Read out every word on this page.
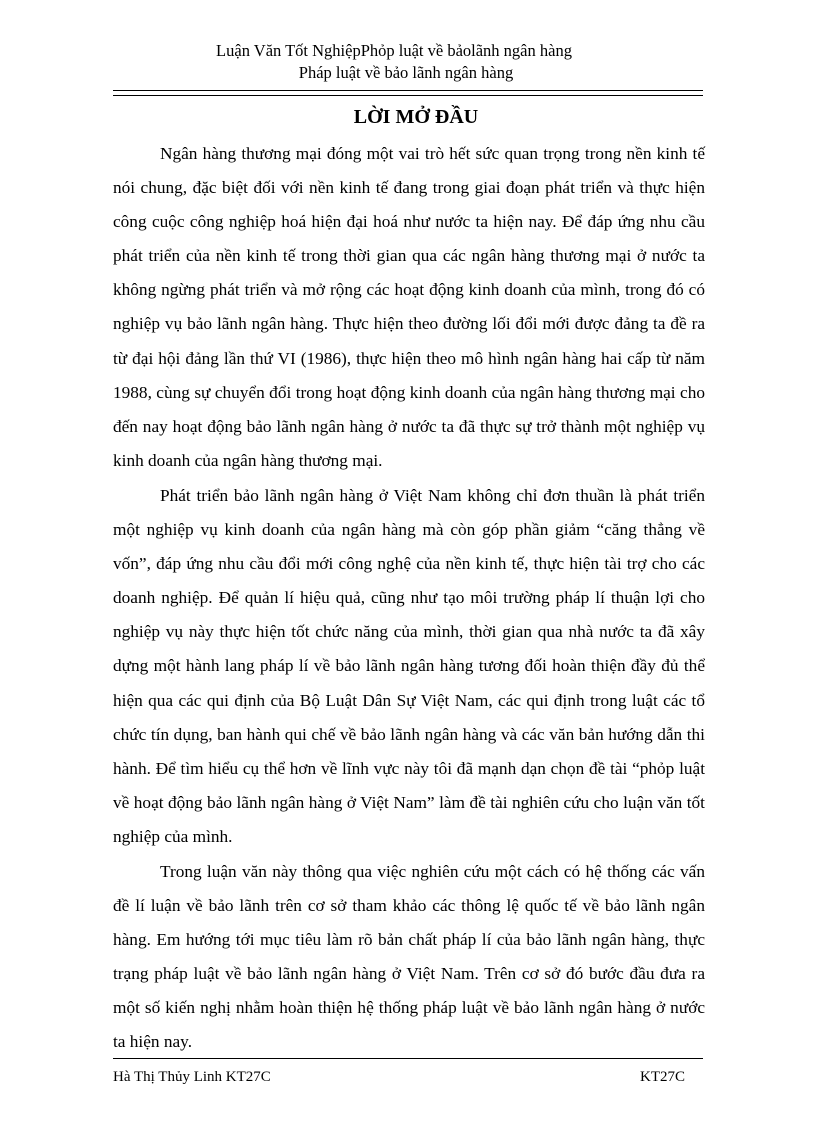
Luận Văn Tốt NghiệpPhỏp luật về bảolãnh ngân hàng
Pháp luật về bảo lãnh ngân hàng
LỜI MỞ ĐẦU

Ngân hàng thương mại đóng một vai trò hết sức quan trọng trong nền kinh tế nói chung, đặc biệt đối với nền kinh tế đang trong giai đoạn phát triển và thực hiện công cuộc công nghiệp hoá hiện đại hoá như nước ta hiện nay. Để đáp ứng nhu cầu phát triển của nền kinh tế trong thời gian qua các ngân hàng thương mại ở nước ta không ngừng phát triển và mở rộng các hoạt động kinh doanh của mình, trong đó có nghiệp vụ bảo lãnh ngân hàng. Thực hiện theo đường lối đổi mới được đảng ta đề ra từ đại hội đảng lần thứ VI (1986), thực hiện theo mô hình ngân hàng hai cấp từ năm 1988, cùng sự chuyển đổi trong hoạt động kinh doanh của ngân hàng thương mại cho đến nay hoạt động bảo lãnh ngân hàng ở nước ta đã thực sự trở thành một nghiệp vụ kinh doanh của ngân hàng thương mại.

Phát triển bảo lãnh ngân hàng ở Việt Nam không chỉ đơn thuần là phát triển một nghiệp vụ kinh doanh của ngân hàng mà còn góp phần giảm “căng thẳng về vốn”, đáp ứng nhu cầu đổi mới công nghệ của nền kinh tế, thực hiện tài trợ cho các doanh nghiệp. Để quản lí hiệu quả, cũng như tạo môi trường pháp lí thuận lợi cho nghiệp vụ này thực hiện tốt chức năng của mình, thời gian qua nhà nước ta đã xây dựng một hành lang pháp lí về bảo lãnh ngân hàng tương đối hoàn thiện đầy đủ thể hiện qua các qui định của Bộ Luật Dân Sự Việt Nam, các qui định trong luật các tổ chức tín dụng, ban hành qui chế về bảo lãnh ngân hàng và các văn bản hướng dẫn thi hành. Để tìm hiểu cụ thể hơn về lĩnh vực này tôi đã mạnh dạn chọn đề tài “phỏp luật về hoạt động bảo lãnh ngân hàng ở Việt Nam” làm đề tài nghiên cứu cho luận văn tốt nghiệp của mình.

Trong luận văn này thông qua việc nghiên cứu một cách có hệ thống các vấn đề lí luận về bảo lãnh trên cơ sở tham khảo các thông lệ quốc tế về bảo lãnh ngân hàng. Em hướng tới mục tiêu làm rõ bản chất pháp lí của bảo lãnh ngân hàng, thực trạng pháp luật về bảo lãnh ngân hàng ở Việt Nam. Trên cơ sở đó bước đầu đưa ra một số kiến nghị nhằm hoàn thiện hệ thống pháp luật về bảo lãnh ngân hàng ở nước ta hiện nay.

Hà Thị Thủy Linh KT27C	KT27C
